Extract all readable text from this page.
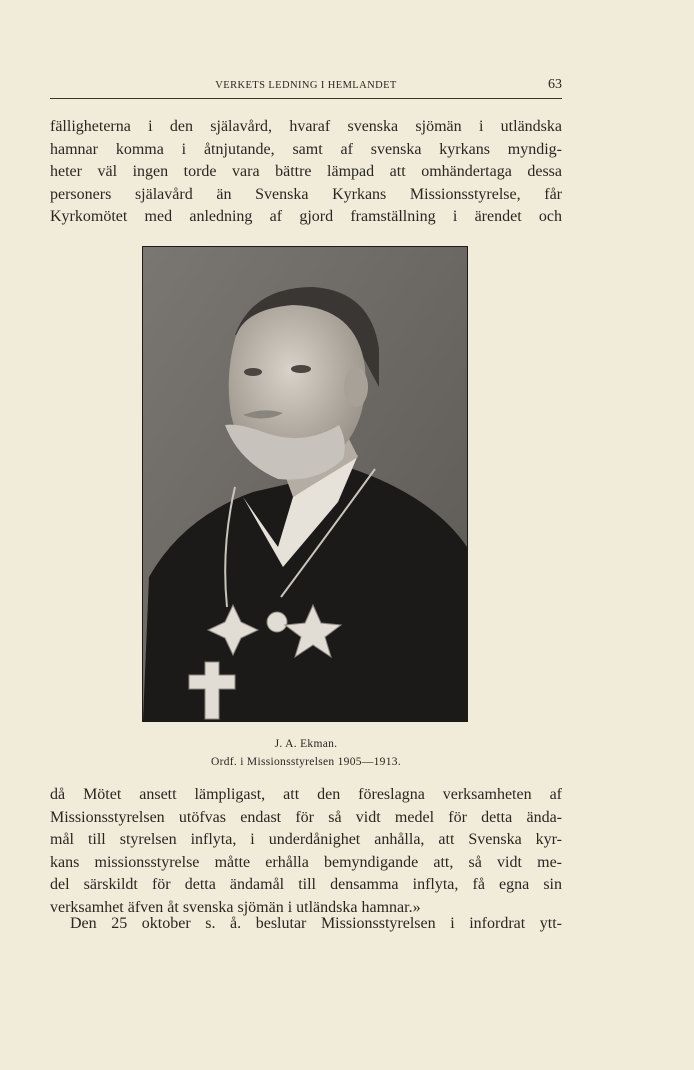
VERKETS LEDNING I HEMLANDET	63
fälligheterna i den själavård, hvaraf svenska sjömän i utländska
hamnar komma i åtnjutande, samt af svenska kyrkans myndig-
heter väl ingen torde vara bättre lämpad att omhändertaga dessa
personers själavård än Svenska Kyrkans Missionsstyrelse, får
Kyrkomötet med anledning af gjord framställning i ärendet och
J. A. Ekman.
Ordf. i Missionsstyrelsen 1905—1913.
då Mötet ansett lämpligast, att den föreslagna verksamheten af
Missionsstyrelsen utöfvas endast för så vidt medel för detta ända-
mål till styrelsen inflyta, i underdånighet anhålla, att Svenska kyr-
kans missionsstyrelse måtte erhålla bemyndigande att, så vidt me-
del särskildt för detta ändamål till densamma inflyta, få egna sin
verksamhet äfven åt svenska sjömän i utländska hamnar.»
Den 25 oktober s. å. beslutar Missionsstyrelsen i infordrat ytt-
